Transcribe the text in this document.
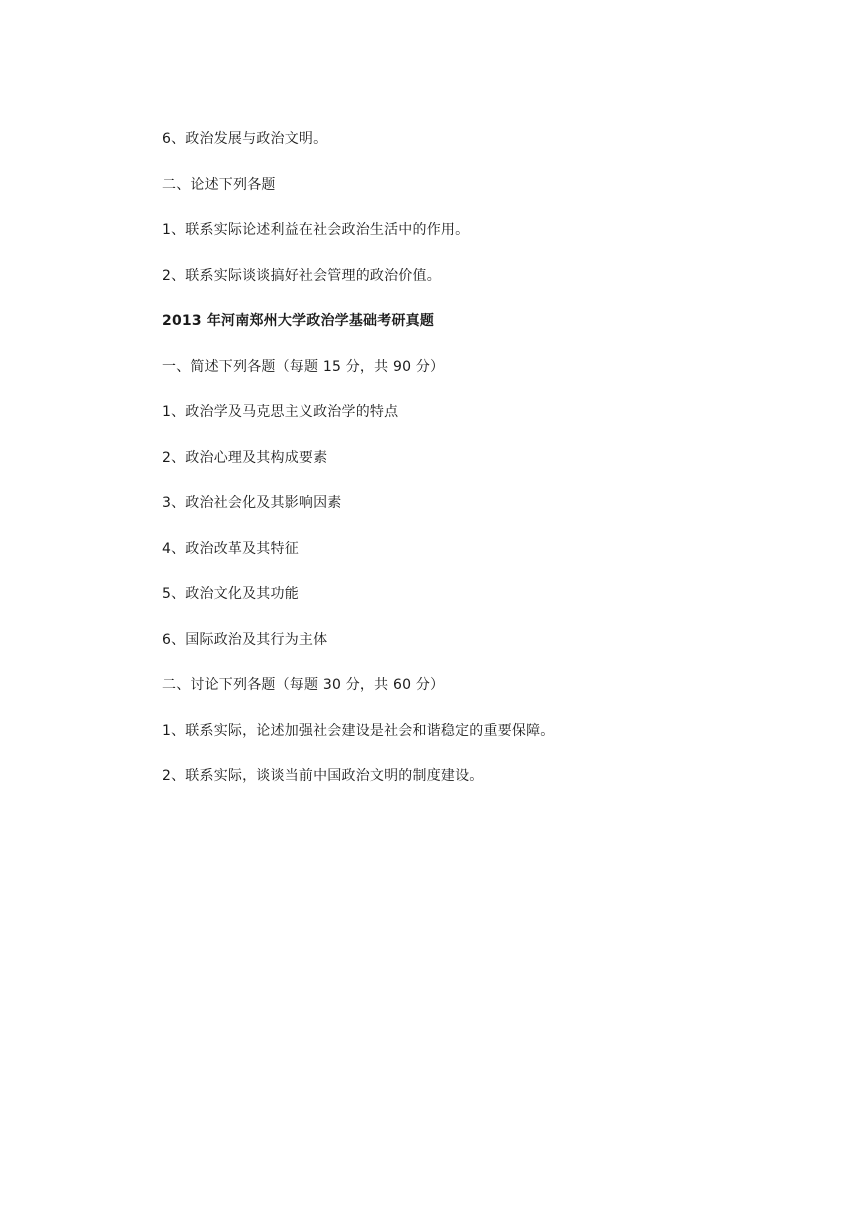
6、政治发展与政治文明。
二、论述下列各题
1、联系实际论述利益在社会政治生活中的作用。
2、联系实际谈谈搞好社会管理的政治价值。
2013 年河南郑州大学政治学基础考研真题
一、简述下列各题（每题 15 分，共 90 分）
1、政治学及马克思主义政治学的特点
2、政治心理及其构成要素
3、政治社会化及其影响因素
4、政治改革及其特征
5、政治文化及其功能
6、国际政治及其行为主体
二、讨论下列各题（每题 30 分，共 60 分）
1、联系实际，论述加强社会建设是社会和谐稳定的重要保障。
2、联系实际，谈谈当前中国政治文明的制度建设。
